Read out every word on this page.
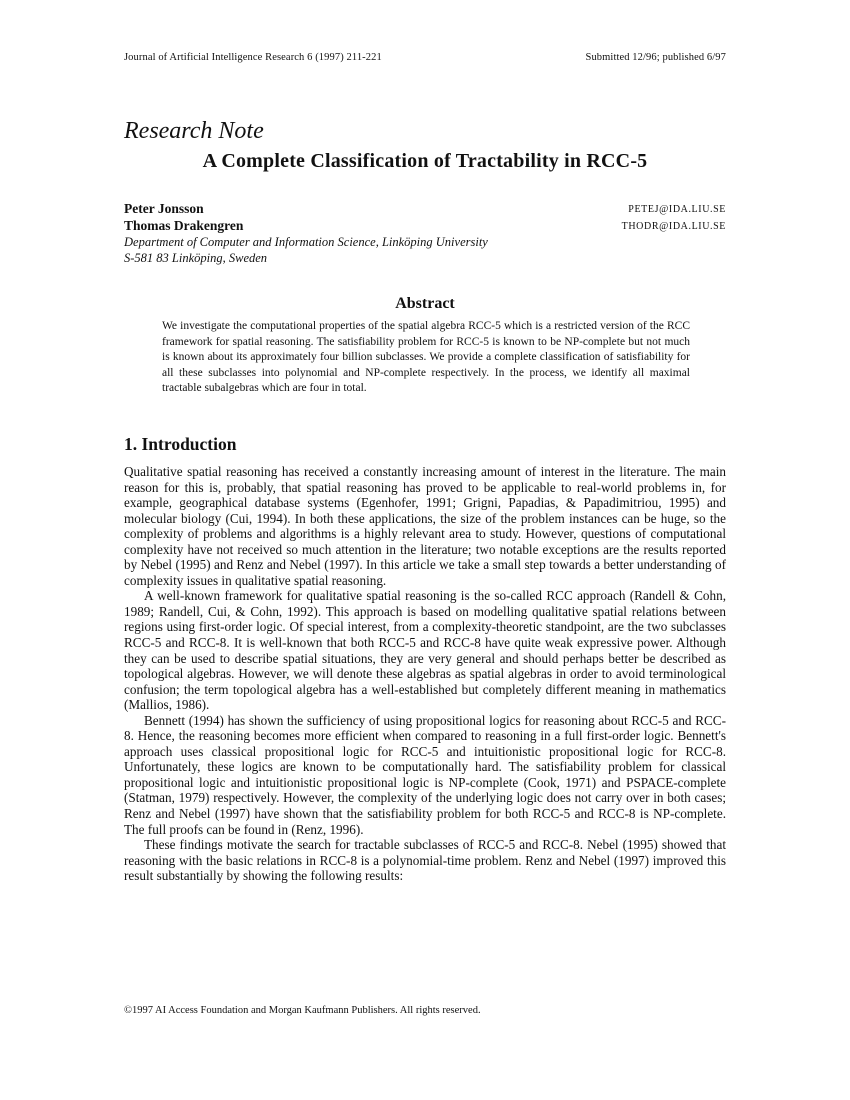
Journal of Artificial Intelligence Research 6 (1997) 211-221	Submitted 12/96; published 6/97
Research Note
A Complete Classification of Tractability in RCC-5
Peter Jonsson	PETEJ@IDA.LIU.SE
Thomas Drakengren	THODR@IDA.LIU.SE
Department of Computer and Information Science, Linköping University
S-581 83 Linköping, Sweden
Abstract
We investigate the computational properties of the spatial algebra RCC-5 which is a restricted version of the RCC framework for spatial reasoning. The satisfiability problem for RCC-5 is known to be NP-complete but not much is known about its approximately four billion subclasses. We provide a complete classification of satisfiability for all these subclasses into polynomial and NP-complete respectively. In the process, we identify all maximal tractable subalgebras which are four in total.
1. Introduction

Qualitative spatial reasoning has received a constantly increasing amount of interest in the literature. The main reason for this is, probably, that spatial reasoning has proved to be applicable to real-world problems in, for example, geographical database systems (Egenhofer, 1991; Grigni, Papadias, & Papadimitriou, 1995) and molecular biology (Cui, 1994). In both these applications, the size of the problem instances can be huge, so the complexity of problems and algorithms is a highly relevant area to study. However, questions of computational complexity have not received so much attention in the literature; two notable exceptions are the results reported by Nebel (1995) and Renz and Nebel (1997). In this article we take a small step towards a better understanding of complexity issues in qualitative spatial reasoning.

A well-known framework for qualitative spatial reasoning is the so-called RCC approach (Randell & Cohn, 1989; Randell, Cui, & Cohn, 1992). This approach is based on modelling qualitative spatial relations between regions using first-order logic. Of special interest, from a complexity-theoretic standpoint, are the two subclasses RCC-5 and RCC-8. It is well-known that both RCC-5 and RCC-8 have quite weak expressive power. Although they can be used to describe spatial situations, they are very general and should perhaps better be described as topological algebras. However, we will denote these algebras as spatial algebras in order to avoid terminological confusion; the term topological algebra has a well-established but completely different meaning in mathematics (Mallios, 1986).

Bennett (1994) has shown the sufficiency of using propositional logics for reasoning about RCC-5 and RCC-8. Hence, the reasoning becomes more efficient when compared to reasoning in a full first-order logic. Bennett's approach uses classical propositional logic for RCC-5 and intuitionistic propositional logic for RCC-8. Unfortunately, these logics are known to be computationally hard. The satisfiability problem for classical propositional logic and intuitionistic propositional logic is NP-complete (Cook, 1971) and PSPACE-complete (Statman, 1979) respectively. However, the complexity of the underlying logic does not carry over in both cases; Renz and Nebel (1997) have shown that the satisfiability problem for both RCC-5 and RCC-8 is NP-complete. The full proofs can be found in (Renz, 1996).

These findings motivate the search for tractable subclasses of RCC-5 and RCC-8. Nebel (1995) showed that reasoning with the basic relations in RCC-8 is a polynomial-time problem. Renz and Nebel (1997) improved this result substantially by showing the following results:

©1997 AI Access Foundation and Morgan Kaufmann Publishers. All rights reserved.
